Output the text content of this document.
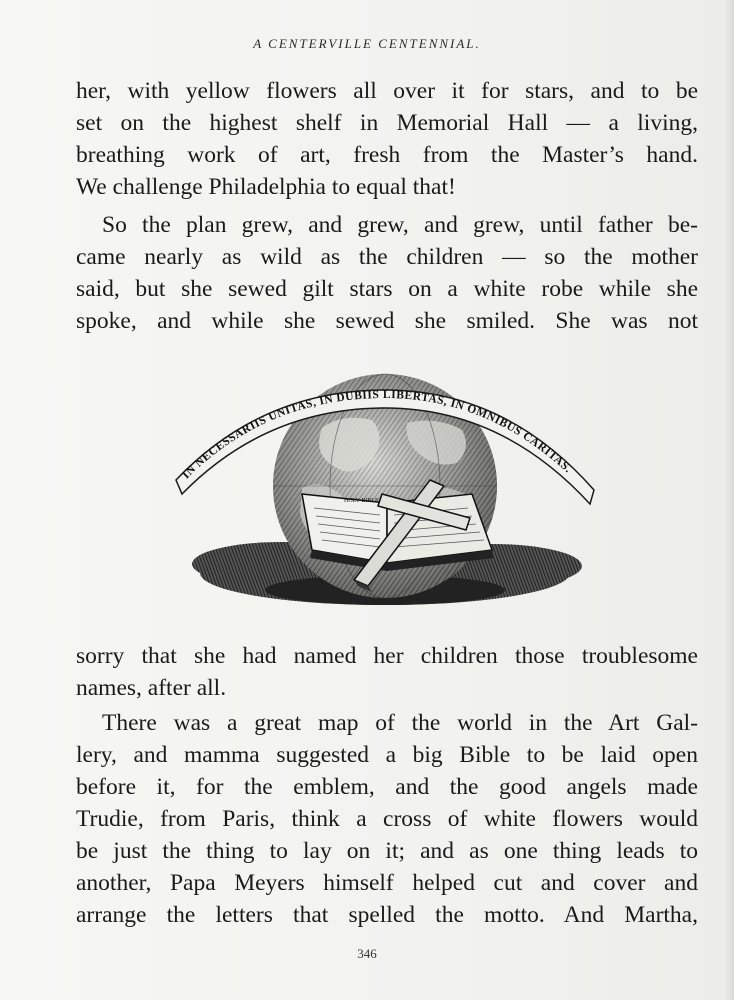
A CENTERVILLE CENTENNIAL.
her, with yellow flowers all over it for stars, and to be
set on the highest shelf in Memorial Hall — a living,
breathing work of art, fresh from the Master’s hand.
We challenge Philadelphia to equal that!
So the plan grew, and grew, and grew, until father be-
came nearly as wild as the children — so the mother
said, but she sewed gilt stars on a white robe while she
spoke, and while she sewed she smiled. She was not
IN NECESSARIIS UNITAS, IN DUBIIS LIBERTAS, IN OMNIBUS CARITAS.
HOLY BIBLE
sorry that she had named her children those troublesome
names, after all.
There was a great map of the world in the Art Gal-
lery, and mamma suggested a big Bible to be laid open
before it, for the emblem, and the good angels made
Trudie, from Paris, think a cross of white flowers would
be just the thing to lay on it; and as one thing leads to
another, Papa Meyers himself helped cut and cover and
arrange the letters that spelled the motto. And Martha,
346
